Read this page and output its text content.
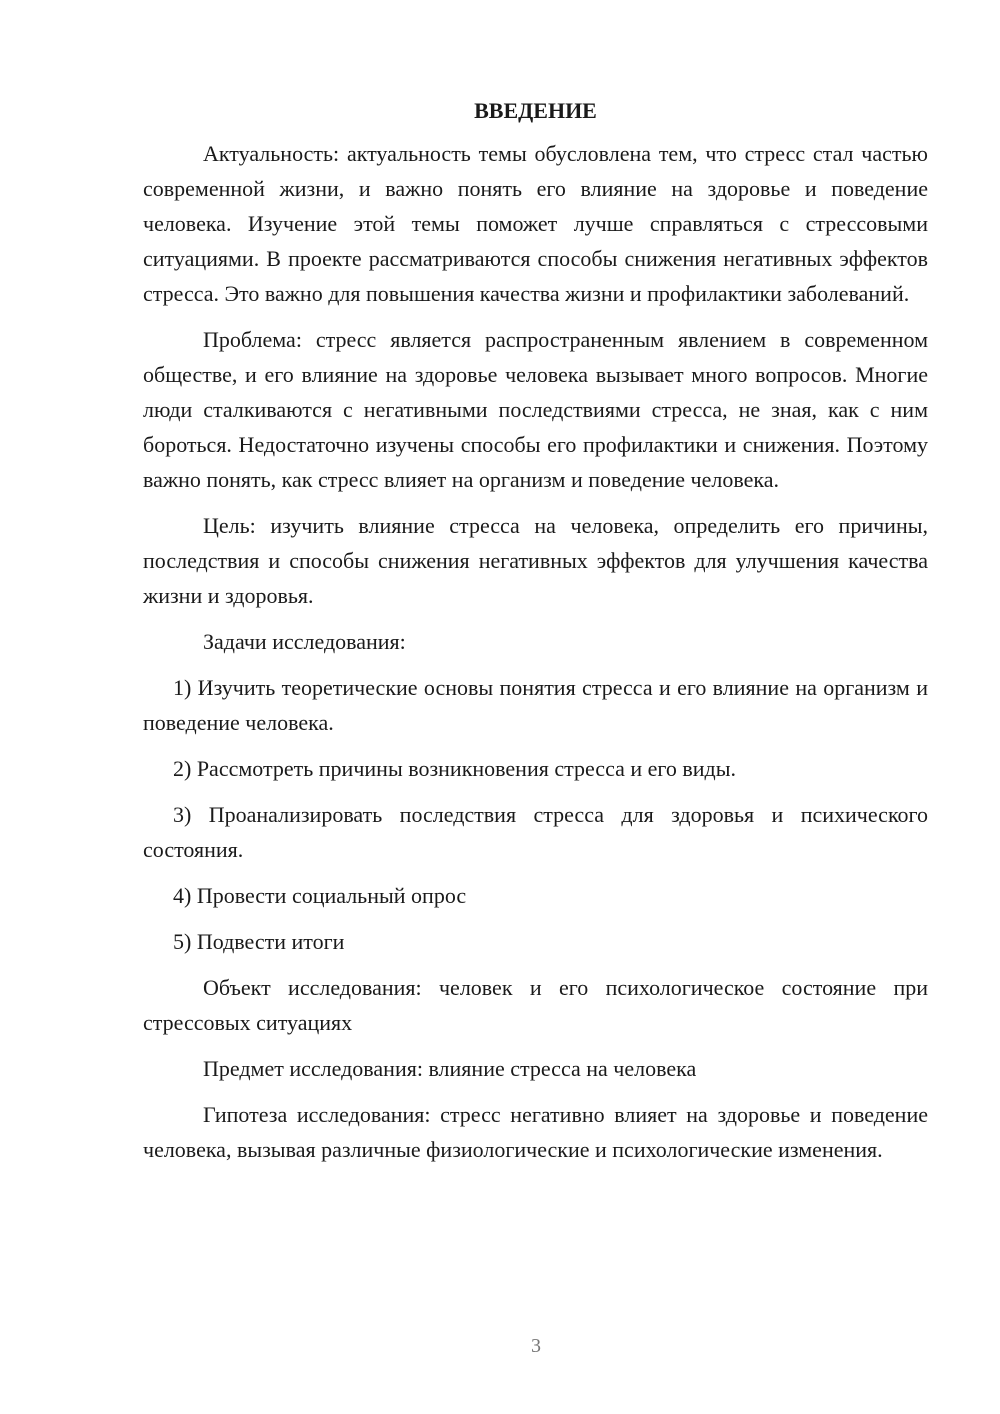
ВВЕДЕНИЕ

Актуальность: актуальность темы обусловлена тем, что стресс стал частью современной жизни, и важно понять его влияние на здоровье и поведение человека. Изучение этой темы поможет лучше справляться с стрессовыми ситуациями. В проекте рассматриваются способы снижения негативных эффектов стресса. Это важно для повышения качества жизни и профилактики заболеваний.

Проблема: стресс является распространенным явлением в современном обществе, и его влияние на здоровье человека вызывает много вопросов. Многие люди сталкиваются с негативными последствиями стресса, не зная, как с ним бороться. Недостаточно изучены способы его профилактики и снижения. Поэтому важно понять, как стресс влияет на организм и поведение человека.

Цель: изучить влияние стресса на человека, определить его причины, последствия и способы снижения негативных эффектов для улучшения качества жизни и здоровья.

Задачи исследования:

1) Изучить теоретические основы понятия стресса и его влияние на организм и поведение человека.

2) Рассмотреть причины возникновения стресса и его виды.

3) Проанализировать последствия стресса для здоровья и психического состояния.

4) Провести социальный опрос

5) Подвести итоги

Объект исследования: человек и его психологическое состояние при стрессовых ситуациях

Предмет исследования: влияние стресса на человека

Гипотеза исследования: стресс негативно влияет на здоровье и поведение человека, вызывая различные физиологические и психологические изменения.

3
